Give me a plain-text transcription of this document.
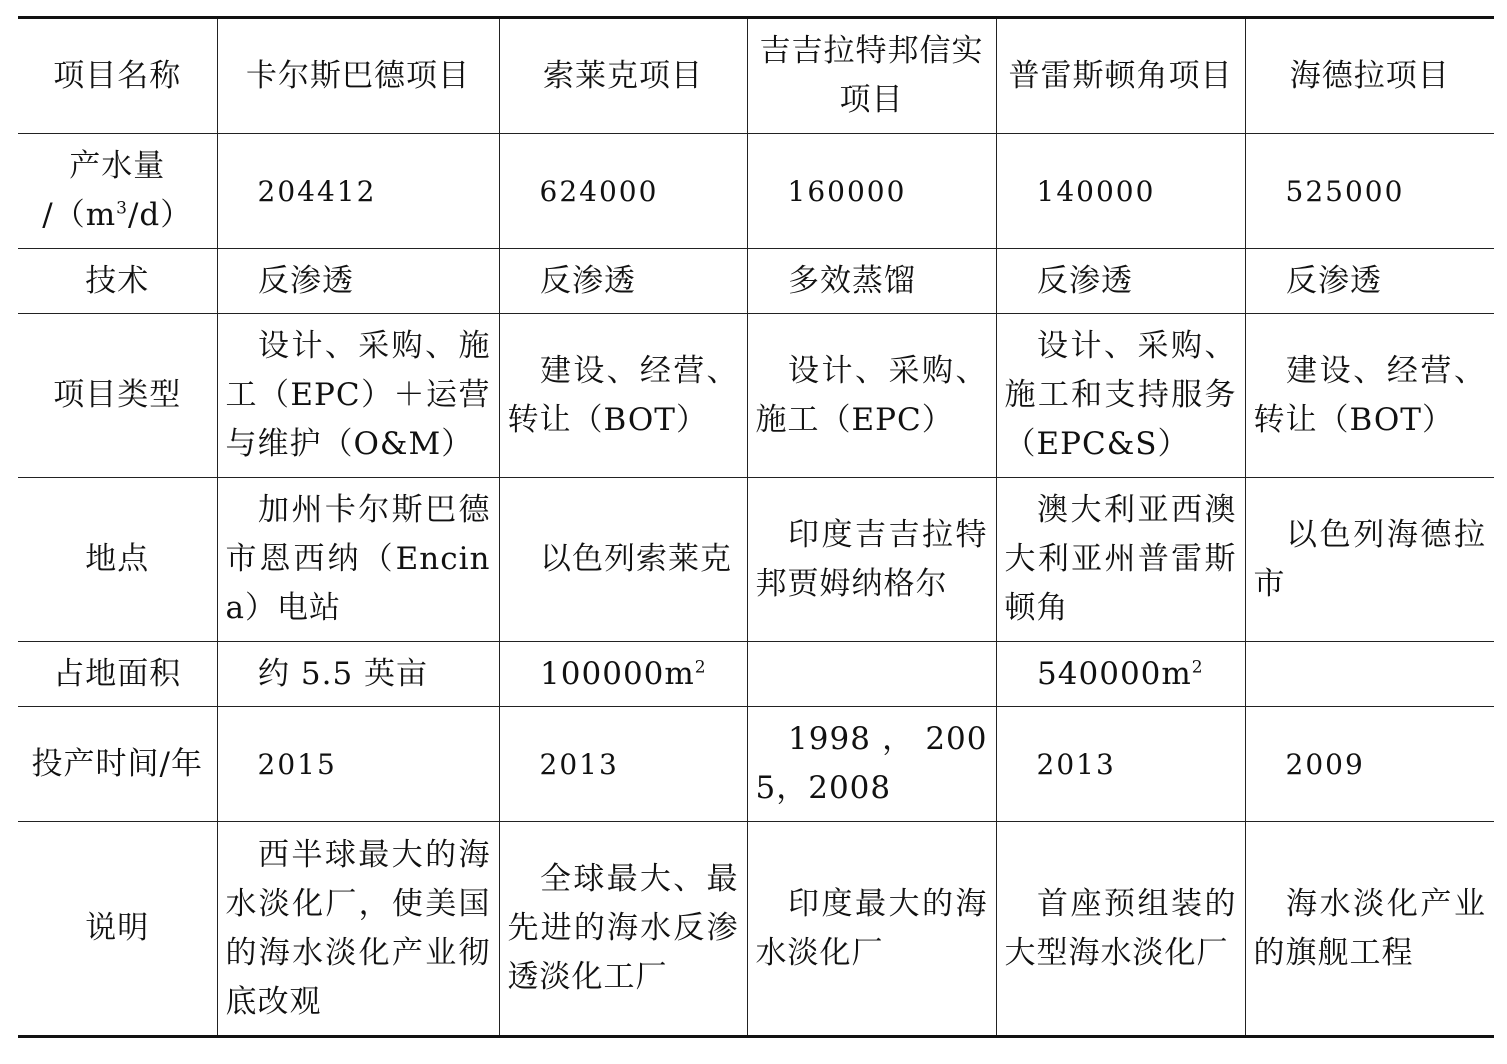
项目名称	卡尔斯巴德项目	索莱克项目	吉吉拉特邦信实项目	普雷斯顿角项目	海德拉项目

产水量
$/(m^3/d)$	204412	624000	160000	140000	525000
技术	反渗透	反渗透	多效蒸馏	反渗透	反渗透
项目类型	设计、采购、施工（EPC）＋运营与维护（O&M）	建设、经营、转让（BOT）	设计、采购、施工（EPC）	设计、采购、施工和支持服务（EPC&S）	建设、经营、转让（BOT）
地点	加州卡尔斯巴德市恩西纳（Encina）电站	以色列索莱克	印度吉吉拉特邦贾姆纳格尔	澳大利亚西澳大利亚州普雷斯顿角	以色列海德拉市
占地面积	约 5.5 英亩	$100000m^2$		$540000m^2$	
投产时间/年	2015	2013	1998，2005，2008	2013	2009
说明	西半球最大的海水淡化厂，使美国的海水淡化产业彻底改观	全球最大、最先进的海水反渗透淡化工厂	印度最大的海水淡化厂	首座预组装的大型海水淡化厂	海水淡化产业的旗舰工程
